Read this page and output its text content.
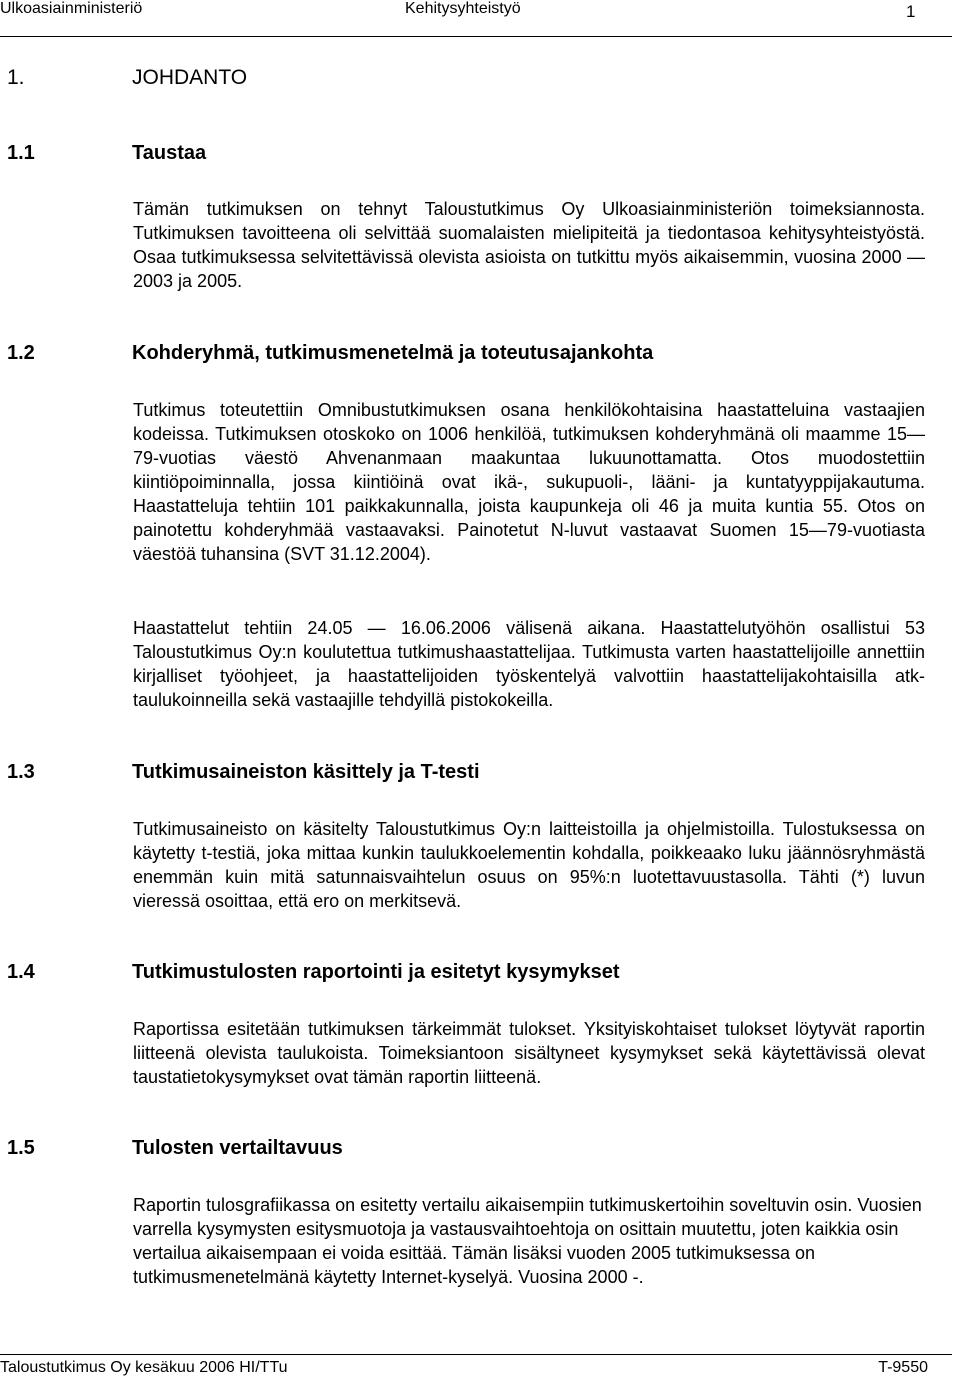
Ulkoasiainministeriö	Kehitysyhteistyö	1
1.	JOHDANTO
1.1	Taustaa
Tämän tutkimuksen on tehnyt Taloustutkimus Oy Ulkoasiainministeriön toimeksiannosta. Tutkimuksen tavoitteena oli selvittää suomalaisten mielipiteitä ja tiedontasoa kehitysyhteistyöstä. Osaa tutkimuksessa selvitettävissä olevista asioista on tutkittu myös aikaisemmin, vuosina 2000 — 2003 ja 2005.
1.2	Kohderyhmä, tutkimusmenetelmä ja toteutusajankohta
Tutkimus toteutettiin Omnibustutkimuksen osana henkilökohtaisina haastatteluina vastaajien kodeissa. Tutkimuksen otoskoko on 1006 henkilöä, tutkimuksen kohderyhmänä oli maamme 15—79-vuotias väestö Ahvenanmaan maakuntaa lukuunottamatta. Otos muodostettiin kiintiöpoiminnalla, jossa kiintiöinä ovat ikä-, sukupuoli-, lääni- ja kuntatyyppijakautuma. Haastatteluja tehtiin 101 paikkakunnalla, joista kaupunkeja oli 46 ja muita kuntia 55. Otos on painotettu kohderyhmää vastaavaksi. Painotetut N-luvut vastaavat Suomen 15—79-vuotiasta väestöä tuhansina (SVT 31.12.2004).
Haastattelut tehtiin 24.05 — 16.06.2006 välisenä aikana. Haastattelutyöhön osallistui 53 Taloustutkimus Oy:n koulutettua tutkimushaastattelijaa. Tutkimusta varten haastattelijoille annettiin kirjalliset työohjeet, ja haastattelijoiden työskentelyä valvottiin haastattelijakohtaisilla atk-taulukoinneilla sekä vastaajille tehdyillä pistokokeilla.
1.3	Tutkimusaineiston käsittely ja T-testi
Tutkimusaineisto on käsitelty Taloustutkimus Oy:n laitteistoilla ja ohjelmistoilla. Tulostuksessa on käytetty t-testiä, joka mittaa kunkin taulukkoelementin kohdalla, poikkeaako luku jäännösryhmästä enemmän kuin mitä satunnaisvaihtelun osuus on 95%:n luotettavuustasolla. Tähti (*) luvun vieressä osoittaa, että ero on merkitsevä.
1.4	Tutkimustulosten raportointi ja esitetyt kysymykset
Raportissa esitetään tutkimuksen tärkeimmät tulokset. Yksityiskohtaiset tulokset löytyvät raportin liitteenä olevista taulukoista. Toimeksiantoon sisältyneet kysymykset sekä käytettävissä olevat taustatietokysymykset ovat tämän raportin liitteenä.
1.5	Tulosten vertailtavuus
Raportin tulosgrafiikassa on esitetty vertailu aikaisempiin tutkimuskertoihin soveltuvin osin. Vuosien varrella kysymysten esitysmuotoja ja vastausvaihtoehtoja on osittain muutettu, joten kaikkia osin vertailua aikaisempaan ei voida esittää. Tämän lisäksi vuoden 2005 tutkimuksessa on tutkimusmenetelmänä käytetty Internet-kyselyä. Vuosina 2000 -.
Taloustutkimus Oy kesäkuu 2006 HI/TTu	T-9550
